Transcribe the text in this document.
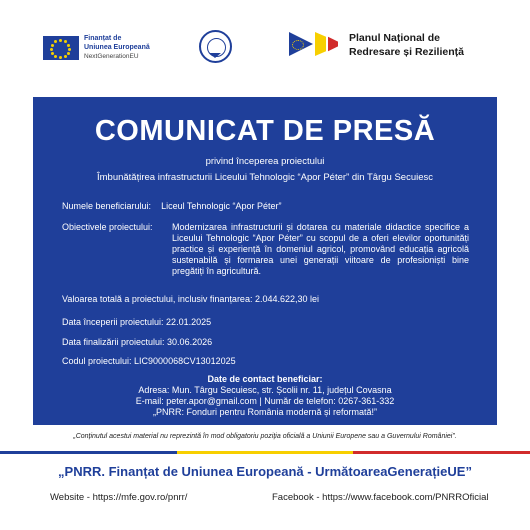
Finanțat de
Uniunea Europeană
NextGenerationEU
Planul Național de
Redresare și Reziliență
COMUNICAT DE PRESĂ
privind începerea proiectului
Îmbunătățirea infrastructurii Liceului Tehnologic “Apor Péter” din Târgu Secuiesc
Numele beneficiarului: Liceul Tehnologic “Apor Péter”
Obiectivele proiectului: Modernizarea infrastructurii și dotarea cu materiale didactice specifice a Liceului Tehnologic “Apor Péter” cu scopul de a oferi elevilor oportunități practice și experiență în domeniul agricol, promovând educația agricolă sustenabilă și formarea unei generații viitoare de profesioniști bine pregătiți în agricultură.
Valoarea totală a proiectului, inclusiv finanțarea: 2.044.622,30 lei
Data începerii proiectului: 22.01.2025
Data finalizării proiectului: 30.06.2026
Codul proiectului: LIC9000068CV13012025
Date de contact beneficiar:
Adresa: Mun. Târgu Secuiesc, str. Școlii nr. 11, județul Covasna
E-mail: peter.apor@gmail.com | Număr de telefon: 0267-361-332
„PNRR: Fonduri pentru România modernă și reformată!”
„Conținutul acestui material nu reprezintă în mod obligatoriu poziția oficială a Uniunii Europene sau a Guvernului României”.
„PNRR. Finanțat de Uniunea Europeană - UrmătoareaGenerațieUE”
Website - https://mfe.gov.ro/pnrr/	Facebook - https://www.facebook.com/PNRROficial
